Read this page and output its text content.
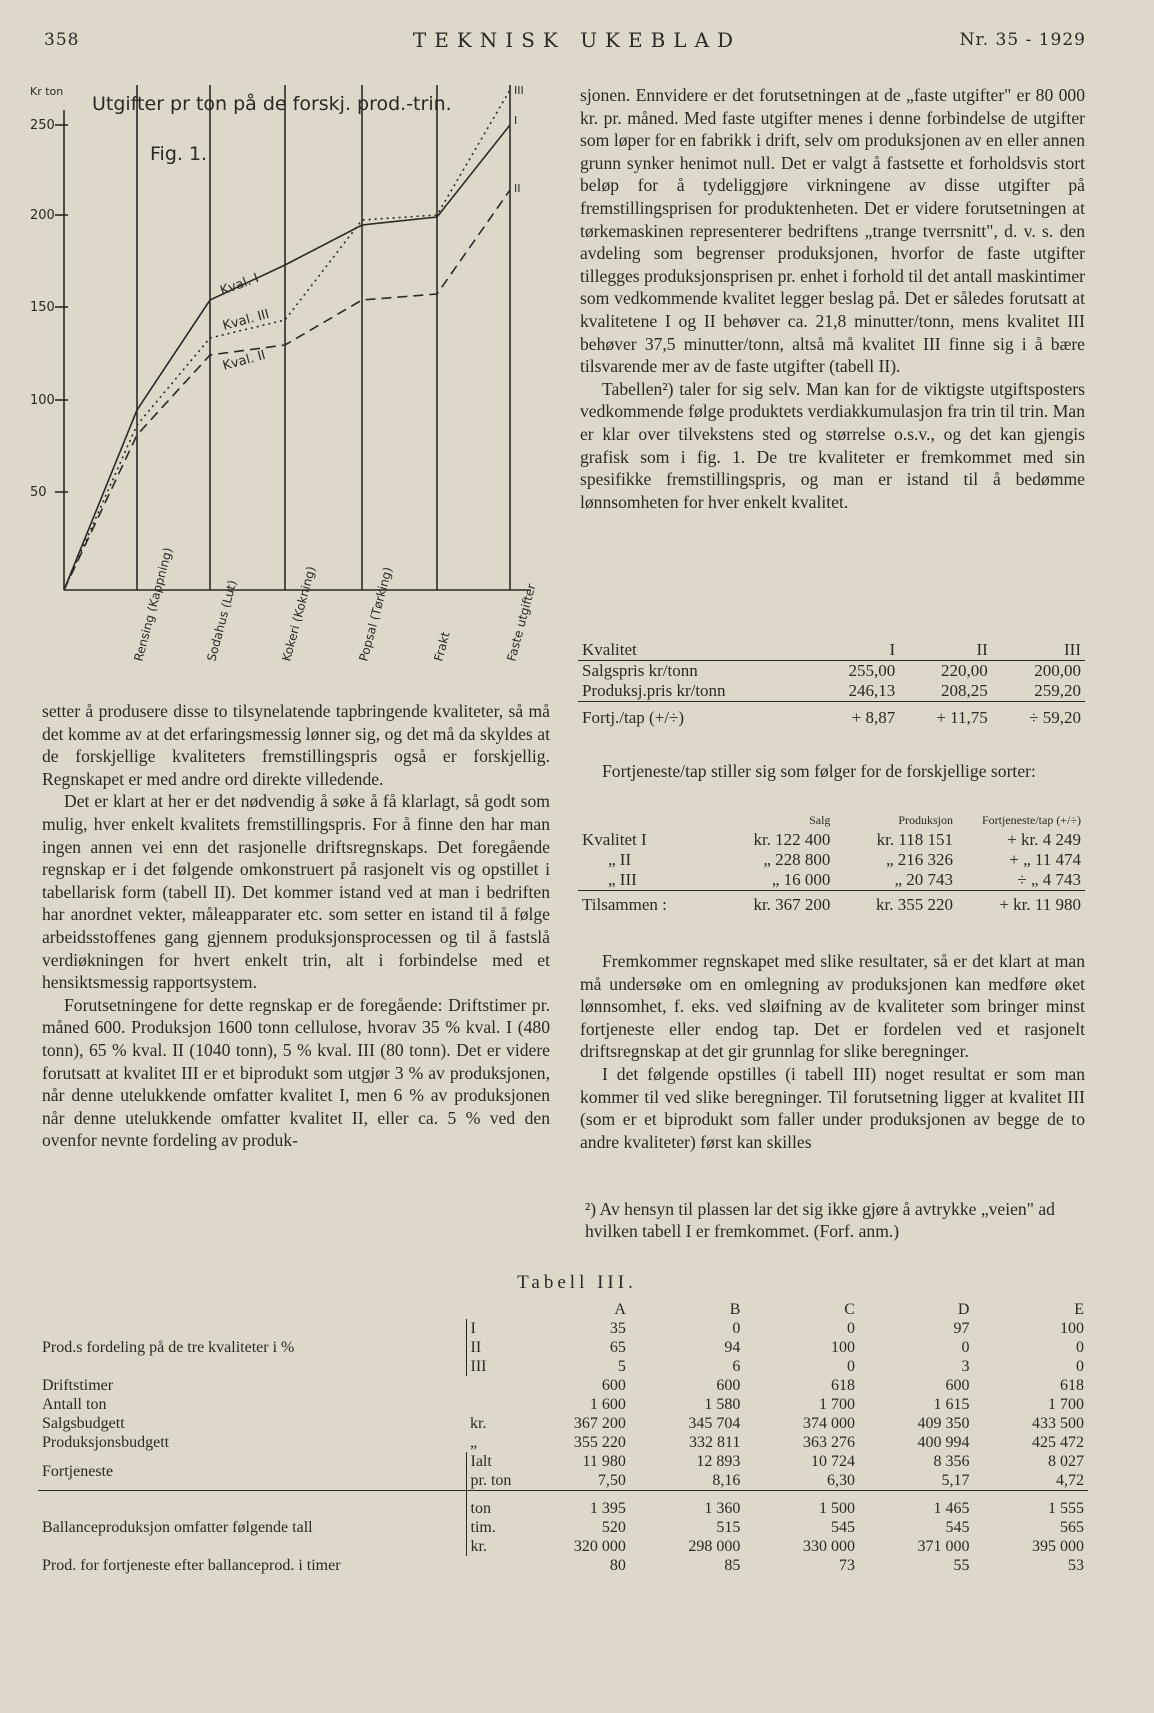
358	TEKNISK UKEBLAD	Nr. 35 - 1929
Kr ton
Utgifter pr ton på de forskj. prod.-trin.
Fig. 1.
250
200
150
100
50
Kval. I
Kval. III
Kval. II
III
I
II
Rensing (Kappning) Sodahus (Lut)	Kokeri (Kokning)	Popsal (Tørking)	Frakt	Faste utgifter

setter å produsere disse to tilsynelatende tapbringende kvaliteter, så må det komme av at det erfaringsmessig lønner sig, og det må da skyldes at de forskjellige kvaliteters fremstillingspris også er forskjellig. Regnskapet er med andre ord direkte villedende.

Det er klart at her er det nødvendig å søke å få klarlagt, så godt som mulig, hver enkelt kvalitets fremstillingspris. For å finne den har man ingen annen vei enn det rasjonelle driftsregnskaps. Det foregående regnskap er i det følgende omkonstruert på rasjonelt vis og opstillet i tabellarisk form (tabell II). Det kommer istand ved at man i bedriften har anordnet vekter, måleapparater etc. som setter en istand til å følge arbeidsstoffenes gang gjennem produksjonsprocessen og til å fastslå verdiøkningen for hvert enkelt trin, alt i forbindelse med et hensiktsmessig rapportsystem.

Forutsetningene for dette regnskap er de foregående: Driftstimer pr. måned 600. Produksjon 1600 tonn cellulose, hvorav 35 % kval. I (480 tonn), 65 % kval. II (1040 tonn), 5 % kval. III (80 tonn). Det er videre forutsatt at kvalitet III er et biprodukt som utgjør 3 % av produksjonen, når denne utelukkende omfatter kvalitet I, men 6 % av produksjonen når denne utelukkende omfatter kvalitet II, eller ca. 5 % ved den ovenfor nevnte fordeling av produk-

sjonen. Ennvidere er det forutsetningen at de „faste utgifter" er 80 000 kr. pr. måned. Med faste utgifter menes i denne forbindelse de utgifter som løper for en fabrikk i drift, selv om produksjonen av en eller annen grunn synker henimot null. Det er valgt å fastsette et forholdsvis stort beløp for å tydeliggjøre virkningene av disse utgifter på fremstillingsprisen for produktenheten. Det er videre forutsetningen at tørkemaskinen representerer bedriftens „trange tverrsnitt", d. v. s. den avdeling som begrenser produksjonen, hvorfor de faste utgifter tillegges produksjonsprisen pr. enhet i forhold til det antall maskintimer som vedkommende kvalitet legger beslag på. Det er således forutsatt at kvalitetene I og II behøver ca. 21,8 minutter/tonn, mens kvalitet III behøver 37,5 minutter/tonn, altså må kvalitet III finne sig i å bære tilsvarende mer av de faste utgifter (tabell II).

Tabellen²) taler for sig selv. Man kan for de viktigste utgiftsposters vedkommende følge produktets verdiakkumulasjon fra trin til trin. Man er klar over tilvekstens sted og størrelse o.s.v., og det kan gjengis grafisk som i fig. 1. De tre kvaliteter er fremkommet med sin spesifikke fremstillingspris, og man er istand til å bedømme lønnsomheten for hver enkelt kvalitet.

Kvalitet	I	II	III
Salgspris kr/tonn	255,00	220,00	200,00
Produksj.pris kr/tonn	246,13	208,25	259,20
Fortj./tap (+/÷)	+ 8,87	+ 11,75	÷ 59,20

Fortjeneste/tap stiller sig som følger for de forskjellige sorter:

	Salg	Produksjon	Fortjeneste/tap (+/÷)
Kvalitet I	kr. 122 400	kr. 118 151	+ kr. 4 249
„ II	„ 228 800	„ 216 326	+ „ 11 474
„ III	„ 16 000	„ 20 743	÷ „ 4 743
Tilsammen :	kr. 367 200	kr. 355 220	+ kr. 11 980

Fremkommer regnskapet med slike resultater, så er det klart at man må undersøke om en omlegning av produksjonen kan medføre øket lønnsomhet, f. eks. ved sløifning av de kvaliteter som bringer minst fortjeneste eller endog tap. Det er fordelen ved et rasjonelt driftsregnskap at det gir grunnlag for slike beregninger.

I det følgende opstilles (i tabell III) noget resultat er som man kommer til ved slike beregninger. Til forutsetning ligger at kvalitet III (som er et biprodukt som faller under produksjonen av begge de to andre kvaliteter) først kan skilles

²) Av hensyn til plassen lar det sig ikke gjøre å avtrykke „veien" ad hvilken tabell I er fremkommet. (Forf. anm.)
Tabell III.
		A	B	C	D	E
Prod.s fordeling på de tre kvaliteter i %	I	35	0	0	97	100
	II	65	94	100	0	0
	III	5	6	0	3	0
Driftstimer		600	600	618	600	618
Antall ton		1 600	1 580	1 700	1 615	1 700
Salgsbudgett	kr.	367 200	345 704	374 000	409 350	433 500
Produksjonsbudgett	„	355 220	332 811	363 276	400 994	425 472
Fortjeneste	Ialt	11 980	12 893	10 724	8 356	8 027
	pr. ton	7,50	8,16	6,30	5,17	4,72
Ballanceproduksjon omfatter følgende tall	ton	1 395	1 360	1 500	1 465	1 555
	tim.	520	515	545	545	565
	kr.	320 000	298 000	330 000	371 000	395 000
Prod. for fortjeneste efter ballanceprod. i timer		80	85	73	55	53
